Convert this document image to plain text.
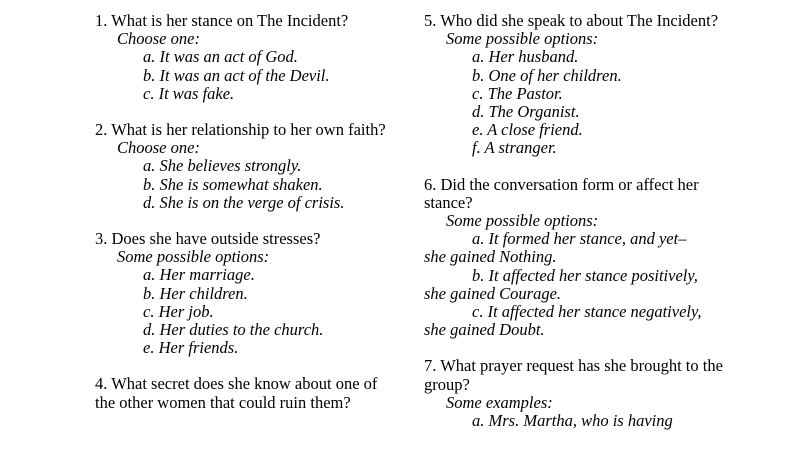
1. What is her stance on The Incident?

Choose one:

a. It was an act of God.

b. It was an act of the Devil.

c. It was fake.

2. What is her relationship to her own faith?

Choose one:

a. She believes strongly.

b. She is somewhat shaken.

d. She is on the verge of crisis.

3. Does she have outside stresses?

Some possible options:

a. Her marriage.

b. Her children.

c. Her job.

d. Her duties to the church.

e. Her friends.

4. What secret does she know about one of the other women that could ruin them?

5. Who did she speak to about The Incident?

Some possible options:

a. Her husband.

b. One of her children.

c. The Pastor.

d. The Organist.

e. A close friend.

f. A stranger.

6. Did the conversation form or affect her stance?

Some possible options:

a. It formed her stance, and yet–
she gained Nothing.

b. It affected her stance positively,
she gained Courage.

c. It affected her stance negatively,
she gained Doubt.

7. What prayer request has she brought to the group?

Some examples:

a. Mrs. Martha, who is having
